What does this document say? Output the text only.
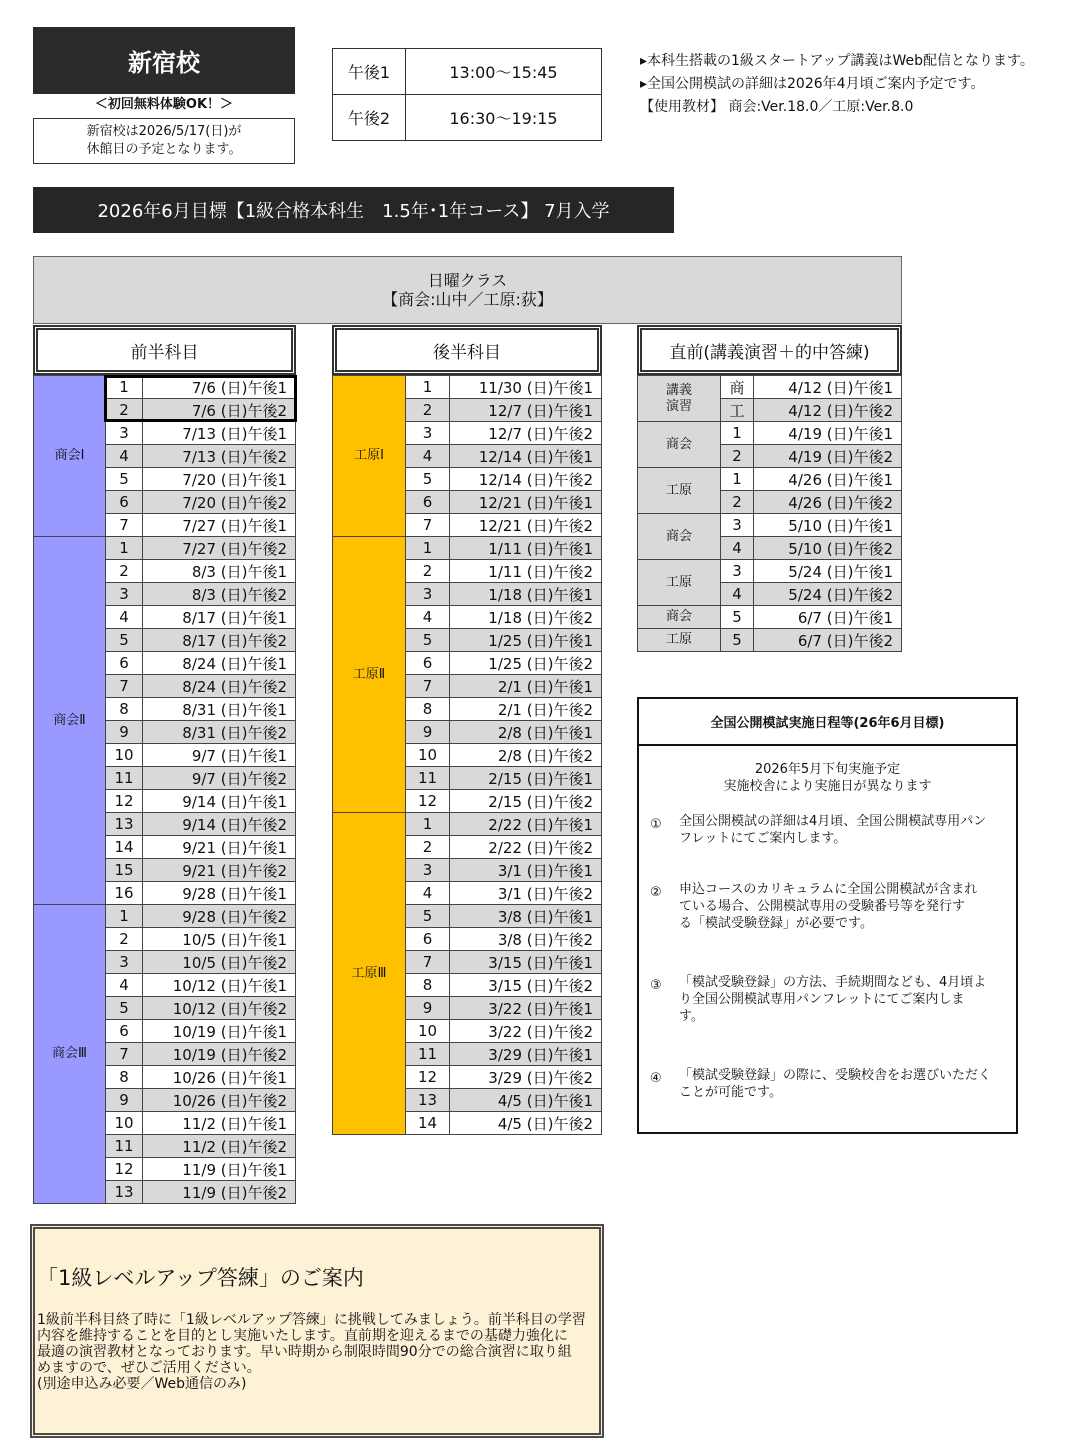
新宿校
＜初回無料体験OK！＞
新宿校は2026/5/17(日)が
休館日の予定となります。
午後1	13:00～15:45
午後2	16:30～19:15
▸本科生搭載の1級スタートアップ講義はWeb配信となります。
▸全国公開模試の詳細は2026年4月頃ご案内予定です。
【使用教材】 商会:Ver.18.0／工原:Ver.8.0
2026年6月目標【1級合格本科生　1.5年･1年コース】 7月入学
日曜クラス
【商会:山中／工原:荻】
前半科目	後半科目	直前(講義演習＋的中答練)
商会Ⅰ
1	7/6 (日)午後1
2	7/6 (日)午後2
3	7/13 (日)午後1
4	7/13 (日)午後2
5	7/20 (日)午後1
6	7/20 (日)午後2
7	7/27 (日)午後1
商会Ⅱ
1	7/27 (日)午後2
2	8/3 (日)午後1
3	8/3 (日)午後2
4	8/17 (日)午後1
5	8/17 (日)午後2
6	8/24 (日)午後1
7	8/24 (日)午後2
8	8/31 (日)午後1
9	8/31 (日)午後2
10	9/7 (日)午後1
11	9/7 (日)午後2
12	9/14 (日)午後1
13	9/14 (日)午後2
14	9/21 (日)午後1
15	9/21 (日)午後2
16	9/28 (日)午後1
商会Ⅲ
1	9/28 (日)午後2
2	10/5 (日)午後1
3	10/5 (日)午後2
4	10/12 (日)午後1
5	10/12 (日)午後2
6	10/19 (日)午後1
7	10/19 (日)午後2
8	10/26 (日)午後1
9	10/26 (日)午後2
10	11/2 (日)午後1
11	11/2 (日)午後2
12	11/9 (日)午後1
13	11/9 (日)午後2
工原Ⅰ
1	11/30 (日)午後1
2	12/7 (日)午後1
3	12/7 (日)午後2
4	12/14 (日)午後1
5	12/14 (日)午後2
6	12/21 (日)午後1
7	12/21 (日)午後2
工原Ⅱ
1	1/11 (日)午後1
2	1/11 (日)午後2
3	1/18 (日)午後1
4	1/18 (日)午後2
5	1/25 (日)午後1
6	1/25 (日)午後2
7	2/1 (日)午後1
8	2/1 (日)午後2
9	2/8 (日)午後1
10	2/8 (日)午後2
11	2/15 (日)午後1
12	2/15 (日)午後2
工原Ⅲ
1	2/22 (日)午後1
2	2/22 (日)午後2
3	3/1 (日)午後1
4	3/1 (日)午後2
5	3/8 (日)午後1
6	3/8 (日)午後2
7	3/15 (日)午後1
8	3/15 (日)午後2
9	3/22 (日)午後1
10	3/22 (日)午後2
11	3/29 (日)午後1
12	3/29 (日)午後2
13	4/5 (日)午後1
14	4/5 (日)午後2
講義
演習
商	4/12 (日)午後1
工	4/12 (日)午後2
商会
1	4/19 (日)午後1
2	4/19 (日)午後2
工原
1	4/26 (日)午後1
2	4/26 (日)午後2
商会
3	5/10 (日)午後1
4	5/10 (日)午後2
工原
3	5/24 (日)午後1
4	5/24 (日)午後2
商会	5	6/7 (日)午後1
工原	5	6/7 (日)午後2
全国公開模試実施日程等(26年6月目標)
2026年5月下旬実施予定
実施校舎により実施日が異なります
①	全国公開模試の詳細は4月頃、全国公開模試専用パン
フレットにてご案内します。
②	申込コースのカリキュラムに全国公開模試が含まれ
ている場合、公開模試専用の受験番号等を発行す
る「模試受験登録」が必要です。
③	「模試受験登録」の方法、手続期間なども、4月頃よ
り全国公開模試専用パンフレットにてご案内しま
す。
④	「模試受験登録」の際に、受験校舎をお選びいただく
ことが可能です。
「1級レベルアップ答練」のご案内
1級前半科目終了時に「1級レベルアップ答練」に挑戦してみましょう。前半科目の学習
内容を維持することを目的とし実施いたします。直前期を迎えるまでの基礎力強化に
最適の演習教材となっております。早い時期から制限時間90分での総合演習に取り組
めますので、ぜひご活用ください。
(別途申込み必要／Web通信のみ)
